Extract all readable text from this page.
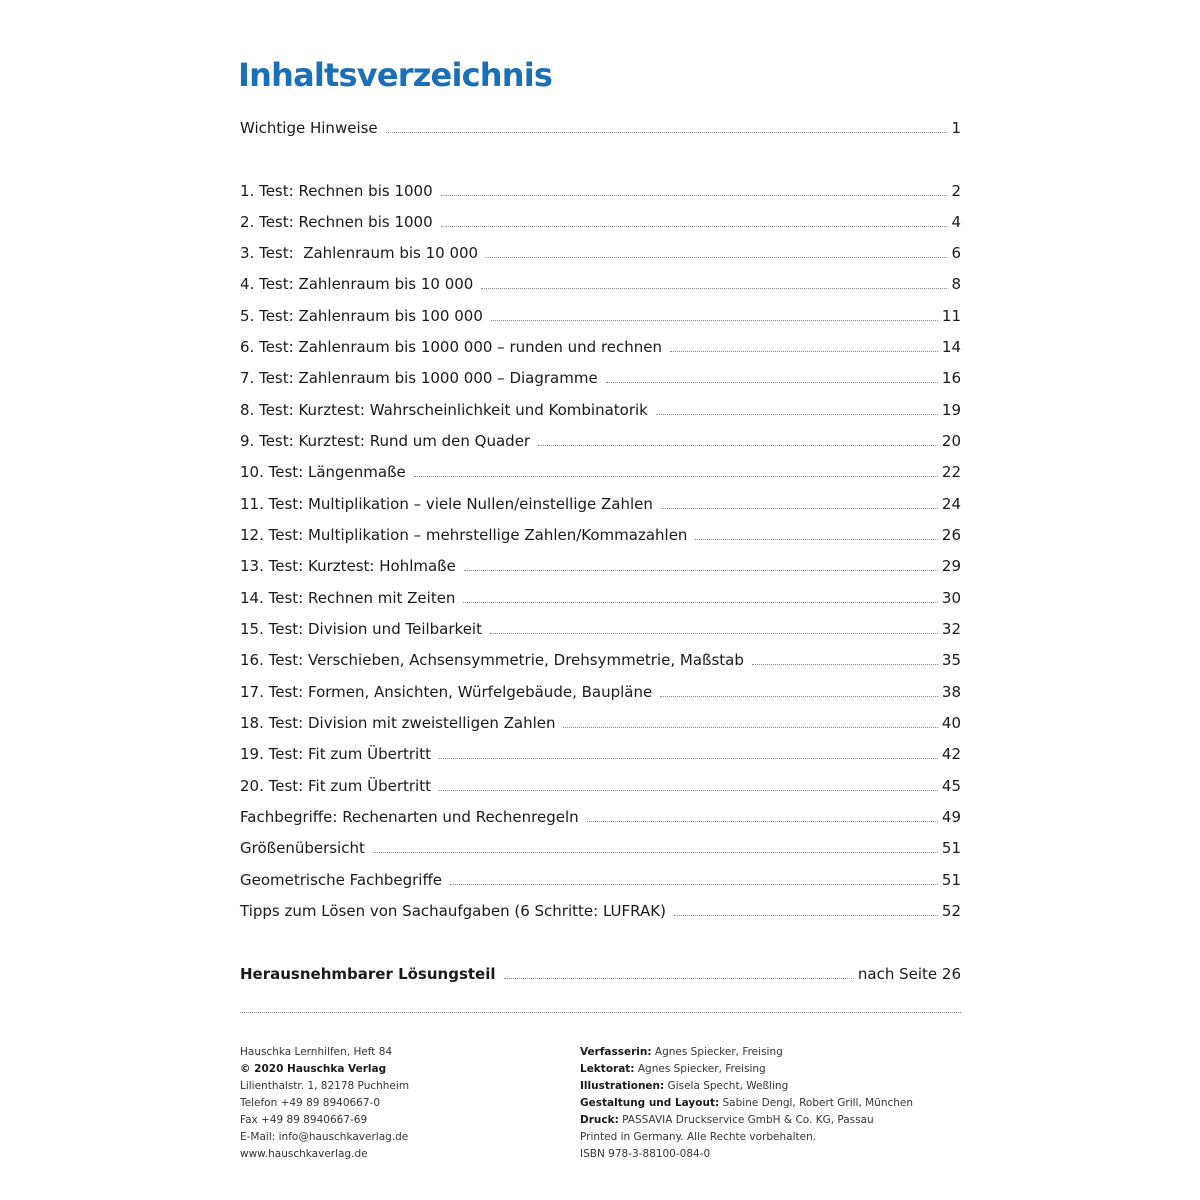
Inhaltsverzeichnis
Wichtige Hinweise	1
1. Test: Rechnen bis 1000	2
2. Test: Rechnen bis 1000	4
3. Test:  Zahlenraum bis 10 000	6
4. Test: Zahlenraum bis 10 000	8
5. Test: Zahlenraum bis 100 000	11
6. Test: Zahlenraum bis 1000 000 – runden und rechnen	14
7. Test: Zahlenraum bis 1000 000 – Diagramme	16
8. Test: Kurztest: Wahrscheinlichkeit und Kombinatorik	19
9. Test: Kurztest: Rund um den Quader	20
10. Test: Längenmaße	22
11. Test: Multiplikation – viele Nullen/einstellige Zahlen	24
12. Test: Multiplikation – mehrstellige Zahlen/Kommazahlen	26
13. Test: Kurztest: Hohlmaße	29
14. Test: Rechnen mit Zeiten	30
15. Test: Division und Teilbarkeit	32
16. Test: Verschieben, Achsensymmetrie, Drehsymmetrie, Maßstab	35
17. Test: Formen, Ansichten, Würfelgebäude, Baupläne	38
18. Test: Division mit zweistelligen Zahlen	40
19. Test: Fit zum Übertritt	42
20. Test: Fit zum Übertritt	45
Fachbegriffe: Rechenarten und Rechenregeln	49
Größenübersicht	51
Geometrische Fachbegriffe	51
Tipps zum Lösen von Sachaufgaben (6 Schritte: LUFRAK)	52
Herausnehmbarer Lösungsteil	nach Seite 26
Hauschka Lernhilfen, Heft 84
© 2020 Hauschka Verlag
Lilienthalstr. 1, 82178 Puchheim
Telefon +49 89 8940667-0
Fax +49 89 8940667-69
E-Mail: info@hauschkaverlag.de
www.hauschkaverlag.de
Verfasserin: Agnes Spiecker, Freising
Lektorat: Agnes Spiecker, Freising
Illustrationen: Gisela Specht, Weßling
Gestaltung und Layout: Sabine Dengl, Robert Grill, München
Druck: PASSAVIA Druckservice GmbH & Co. KG, Passau
Printed in Germany. Alle Rechte vorbehalten.
ISBN 978-3-88100-084-0
